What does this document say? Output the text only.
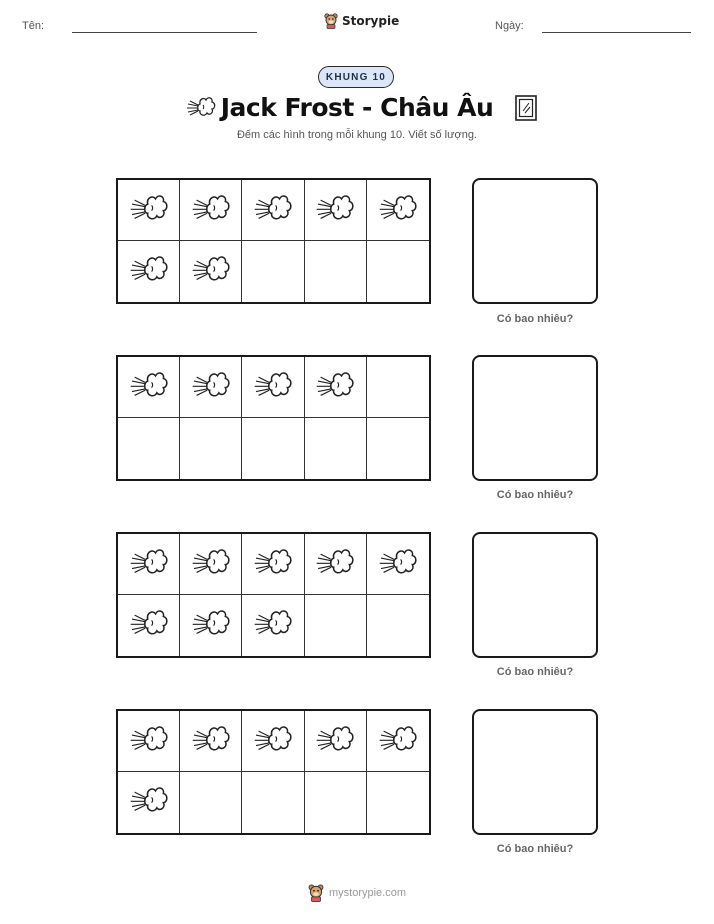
Tên:	Storypie	Ngày:
KHUNG 10
Jack Frost - Châu Âu
Đếm các hình trong mỗi khung 10. Viết số lượng.
Có bao nhiêu?
Có bao nhiêu?
Có bao nhiêu?
Có bao nhiêu?
mystorypie.com
